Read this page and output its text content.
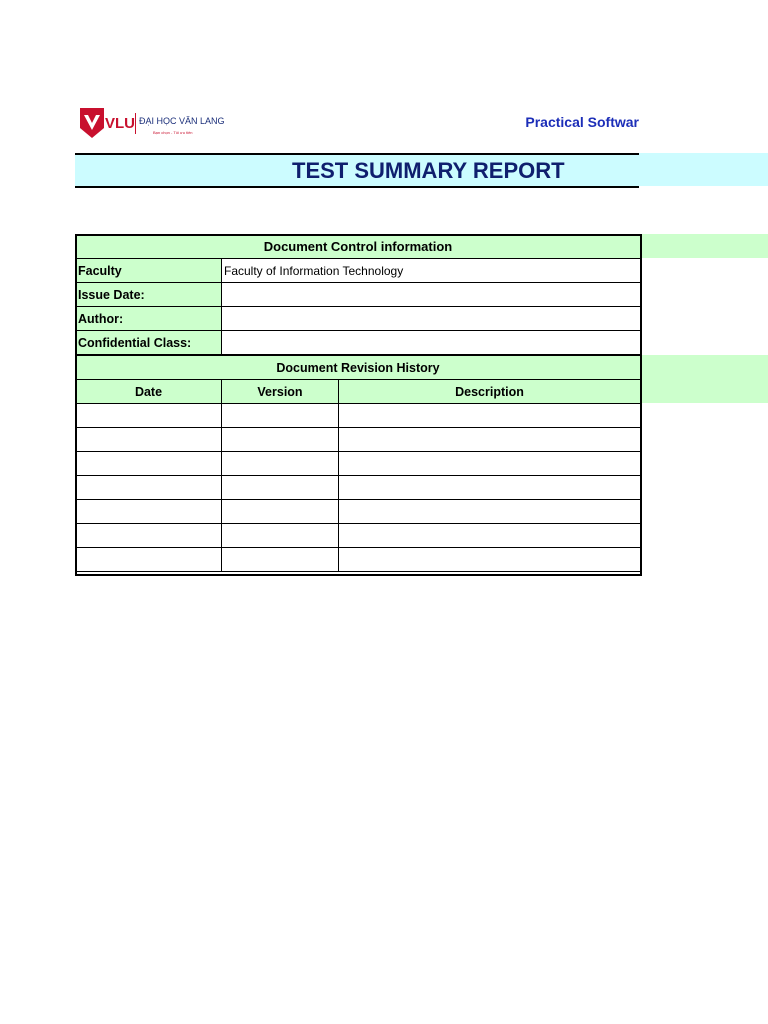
VLU ĐẠI HỌC VĂN LANG
Bạn chọn - Tôi ưu tiên
Practical Softwar
TEST SUMMARY REPORT
Document Control information	
Faculty	Faculty of Information Technology
Issue Date:	
Author:	
Confidential Class:	
Document Revision History		
Date	Version	Description
